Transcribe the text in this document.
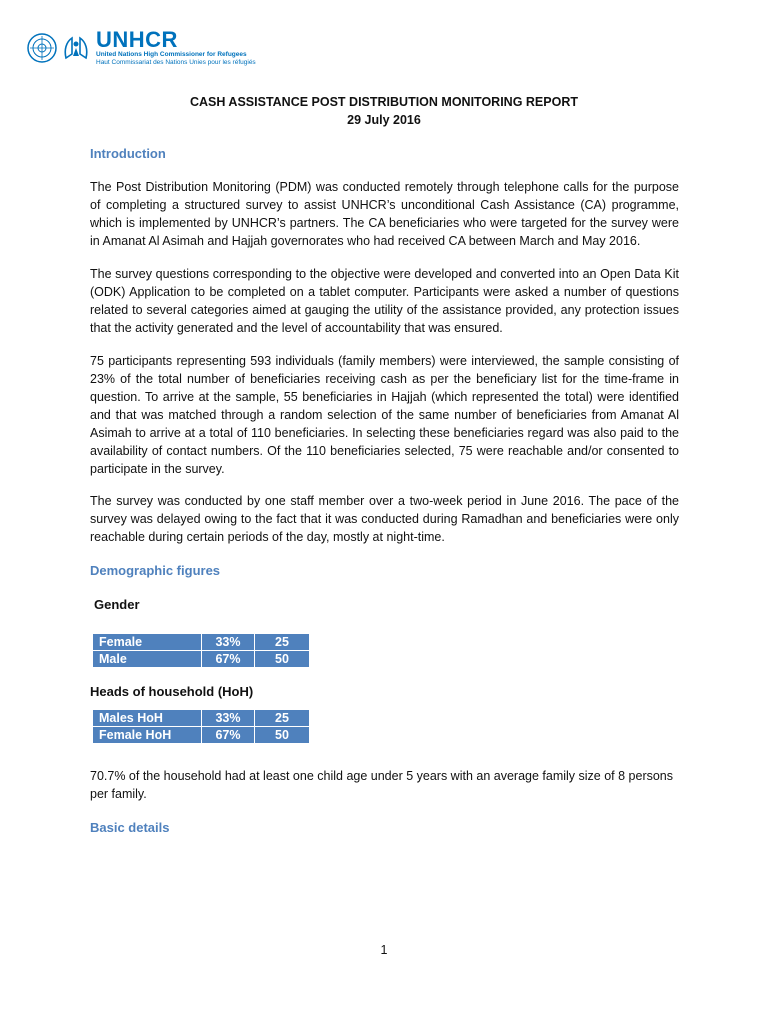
UNHCR
United Nations High Commissioner for Refugees
Haut Commissariat des Nations Unies pour les réfugiés
CASH ASSISTANCE POST DISTRIBUTION MONITORING REPORT
29 July 2016
Introduction

The Post Distribution Monitoring (PDM) was conducted remotely through telephone calls for the purpose of completing a structured survey to assist UNHCR’s unconditional Cash Assistance (CA) programme, which is implemented by UNHCR’s partners. The CA beneficiaries who were targeted for the survey were in Amanat Al Asimah and Hajjah governorates who had received CA between March and May 2016.

The survey questions corresponding to the objective were developed and converted into an Open Data Kit (ODK) Application to be completed on a tablet computer. Participants were asked a number of questions related to several categories aimed at gauging the utility of the assistance provided, any protection issues that the activity generated and the level of accountability that was ensured.

75 participants representing 593 individuals (family members) were interviewed, the sample consisting of 23% of the total number of beneficiaries receiving cash as per the beneficiary list for the time-frame in question. To arrive at the sample, 55 beneficiaries in Hajjah (which represented the total) were identified and that was matched through a random selection of the same number of beneficiaries from Amanat Al Asimah to arrive at a total of 110 beneficiaries. In selecting these beneficiaries regard was also paid to the availability of contact numbers. Of the 110 beneficiaries selected, 75 were reachable and/or consented to participate in the survey.

The survey was conducted by one staff member over a two-week period in June 2016. The pace of the survey was delayed owing to the fact that it was conducted during Ramadhan and beneficiaries were only reachable during certain periods of the day, mostly at night-time.

Demographic figures
Gender
Female	33%	25
Male	67%	50
Heads of household (HoH)
Males HoH	33%	25
Female HoH	67%	50

70.7% of the household had at least one child age under 5 years with an average family size of 8 persons per family.

Basic details
1
